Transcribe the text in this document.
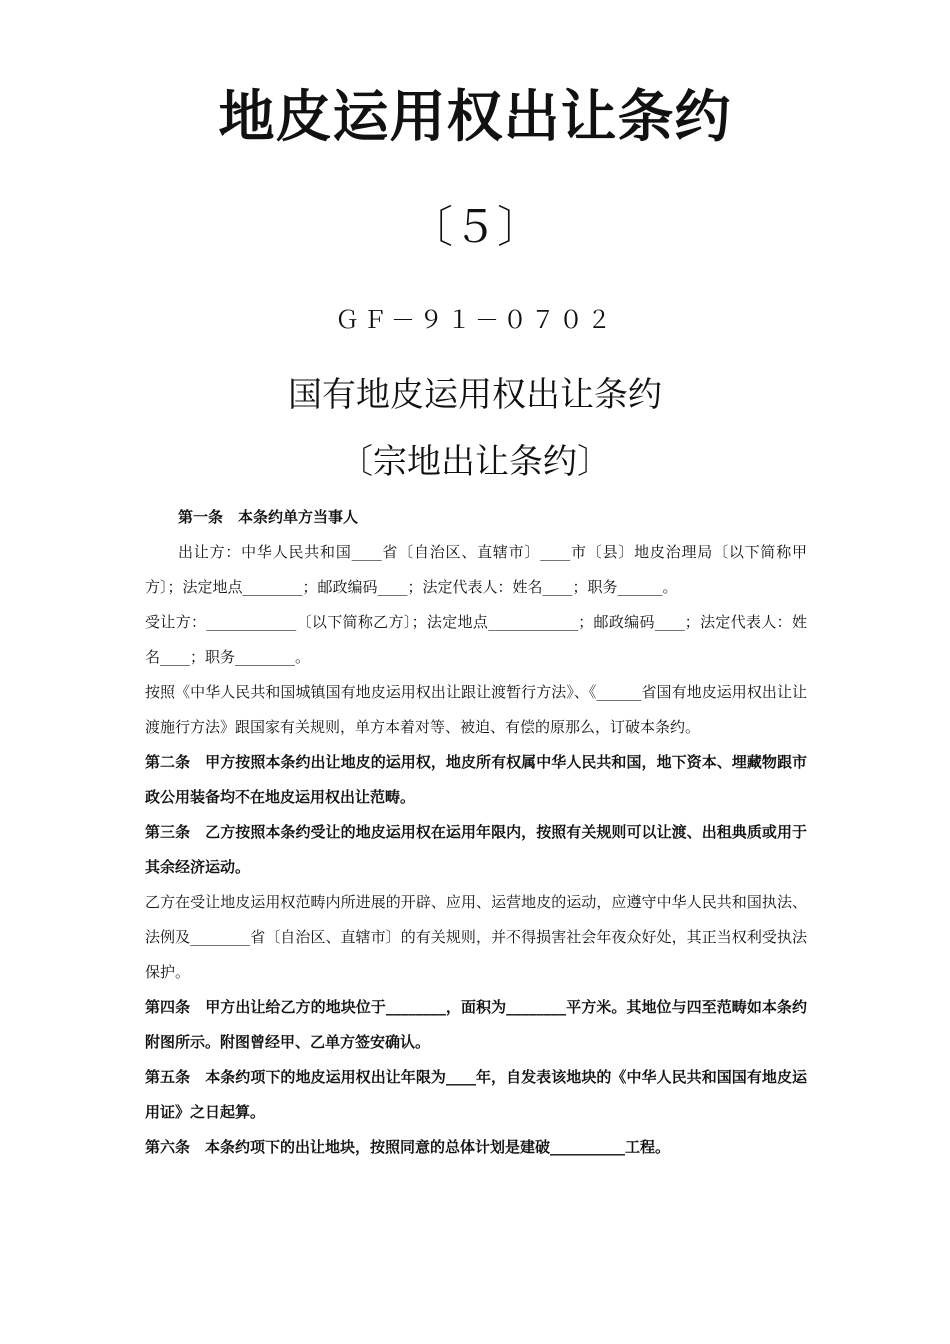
地皮运用权出让条约
〔５〕
ＧＦ－９１－０７０２
国有地皮运用权出让条约
〔宗地出让条约〕

第一条　本条约单方当事人

出让方：中华人民共和国____省〔自治区、直辖市〕____市〔县〕地皮治理局〔以下简称甲方〕；法定地点________；邮政编码____；法定代表人：姓名____；职务______。

受让方：____________〔以下简称乙方〕；法定地点____________；邮政编码____；法定代表人：姓名____；职务________。

按照《中华人民共和国城镇国有地皮运用权出让跟让渡暂行方法》、《______省国有地皮运用权出让让渡施行方法》跟国家有关规则，单方本着对等、被迫、有偿的原那么，订破本条约。

第二条　甲方按照本条约出让地皮的运用权，地皮所有权属中华人民共和国，地下资本、埋藏物跟市政公用装备均不在地皮运用权出让范畴。

第三条　乙方按照本条约受让的地皮运用权在运用年限内，按照有关规则可以让渡、出租典质或用于其余经济运动。

乙方在受让地皮运用权范畴内所进展的开辟、应用、运营地皮的运动，应遵守中华人民共和国执法、法例及________省〔自治区、直辖市〕的有关规则，并不得损害社会年夜众好处，其正当权利受执法保护。

第四条　甲方出让给乙方的地块位于________，面积为________平方米。其地位与四至范畴如本条约附图所示。附图曾经甲、乙单方签安确认。

第五条　本条约项下的地皮运用权出让年限为____年，自发表该地块的《中华人民共和国国有地皮运用证》之日起算。

第六条　本条约项下的出让地块，按照同意的总体计划是建破__________工程。
